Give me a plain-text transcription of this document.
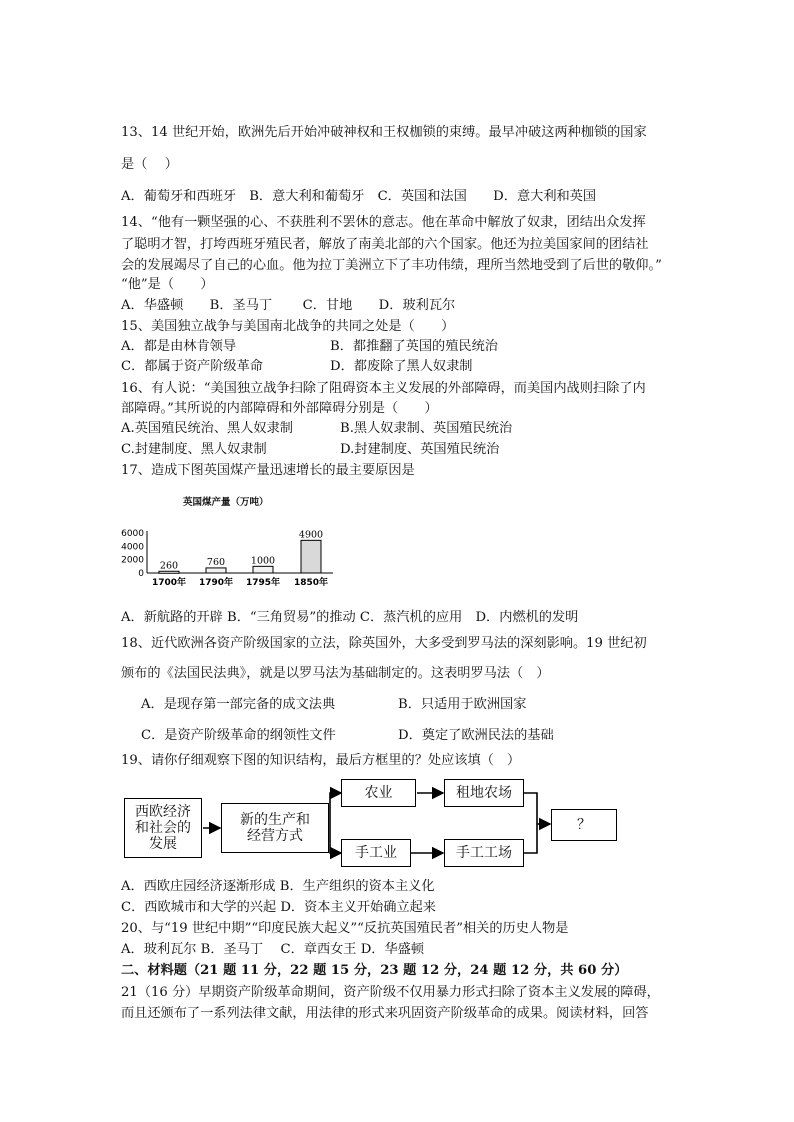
13、14 世纪开始，欧洲先后开始冲破神权和王权枷锁的束缚。最早冲破这两种枷锁的国家
是（　 ）
A．葡萄牙和西班牙　B．意大利和葡萄牙　C．英国和法国　　D．意大利和英国
14、“他有一颗坚强的心、不获胜利不罢休的意志。他在革命中解放了奴隶，团结出众发挥
了聪明才智，打垮西班牙殖民者，解放了南美北部的六个国家。他还为拉美国家间的团结社
会的发展竭尽了自己的心血。他为拉丁美洲立下了丰功伟绩，理所当然地受到了后世的敬仰。”
“他”是（　　）
A．华盛顿　　B．圣马丁　　 C．甘地　　D．玻利瓦尔
15、美国独立战争与美国南北战争的共同之处是（　　）
A．都是由林肯领导	B．都推翻了英国的殖民统治
C．都属于资产阶级革命	D．都废除了黑人奴隶制
16、有人说：“美国独立战争扫除了阻碍资本主义发展的外部障碍，而美国内战则扫除了内
部障碍。”其所说的内部障碍和外部障碍分别是（　　）
A.英国殖民统治、黑人奴隶制	B.黑人奴隶制、英国殖民统治
C.封建制度、黑人奴隶制	D.封建制度、英国殖民统治
17、造成下图英国煤产量迅速增长的最主要原因是
英国煤产量（万吨）
6000
4000
2000
0
260
1700年
760
1790年
1000
1795年
4900
1850年
A．新航路的开辟 B．“三角贸易”的推动 C．蒸汽机的应用　D．内燃机的发明
18、近代欧洲各资产阶级国家的立法，除英国外，大多受到罗马法的深刻影响。19 世纪初
颁布的《法国民法典》，就是以罗马法为基础制定的。这表明罗马法（　）
A．是现存第一部完备的成文法典	B．只适用于欧洲国家
C．是资产阶级革命的纲领性文件	D．奠定了欧洲民法的基础
19、请你仔细观察下图的知识结构，最后方框里的？处应该填（　）
西欧经济和社会的发展
新的生产和经营方式
农业	租地农场
手工业	手工工场
？
A．西欧庄园经济逐渐形成 B．生产组织的资本主义化
C．西欧城市和大学的兴起 D．资本主义开始确立起来
20、与“19 世纪中期”“印度民族大起义”“反抗英国殖民者”相关的历史人物是
A．玻利瓦尔 B．圣马丁　 C．章西女王 D．华盛顿
二、材料题（21 题 11 分，22 题 15 分，23 题 12 分，24 题 12 分，共 60 分）
21（16 分）早期资产阶级革命期间，资产阶级不仅用暴力形式扫除了资本主义发展的障碍，
而且还颁布了一系列法律文献，用法律的形式来巩固资产阶级革命的成果。阅读材料，回答
